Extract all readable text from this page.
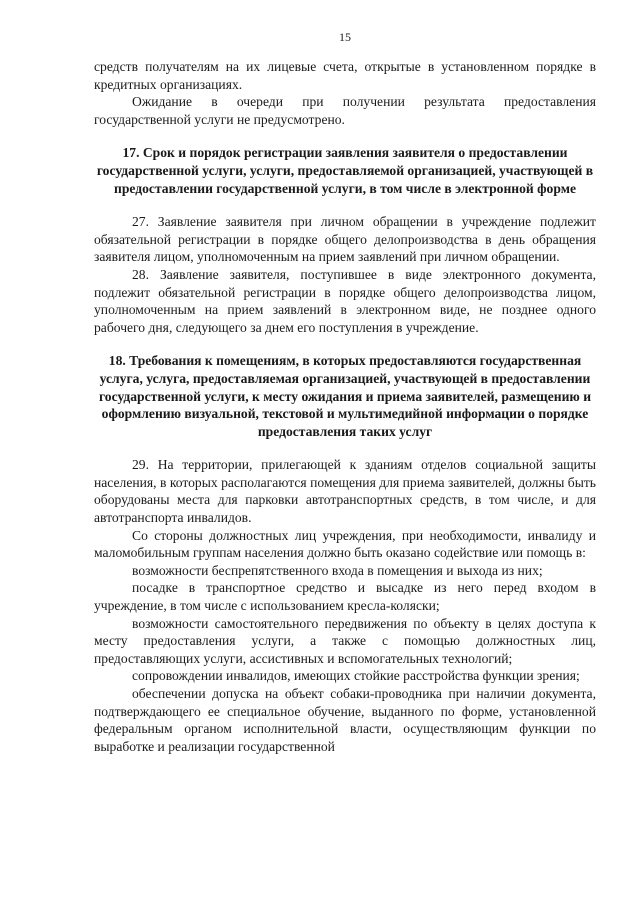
15

средств получателям на их лицевые счета, открытые в установленном порядке в кредитных организациях.

Ожидание в очереди при получении результата предоставления государственной услуги не предусмотрено.

17. Срок и порядок регистрации заявления заявителя о предоставлении государственной услуги, услуги, предоставляемой организацией, участвующей в предоставлении государственной услуги, в том числе в электронной форме

27. Заявление заявителя при личном обращении в учреждение подлежит обязательной регистрации в порядке общего делопроизводства в день обращения заявителя лицом, уполномоченным на прием заявлений при личном обращении.

28. Заявление заявителя, поступившее в виде электронного документа, подлежит обязательной регистрации в порядке общего делопроизводства лицом, уполномоченным на прием заявлений в электронном виде, не позднее одного рабочего дня, следующего за днем его поступления в учреждение.

18. Требования к помещениям, в которых предоставляются государственная услуга, услуга, предоставляемая организацией, участвующей в предоставлении государственной услуги, к месту ожидания и приема заявителей, размещению и оформлению визуальной, текстовой и мультимедийной информации о порядке предоставления таких услуг

29. На территории, прилегающей к зданиям отделов социальной защиты населения, в которых располагаются помещения для приема заявителей, должны быть оборудованы места для парковки автотранспортных средств, в том числе, и для автотранспорта инвалидов.

Со стороны должностных лиц учреждения, при необходимости, инвалиду и маломобильным группам населения должно быть оказано содействие или помощь в:

возможности беспрепятственного входа в помещения и выхода из них;

посадке в транспортное средство и высадке из него перед входом в учреждение, в том числе с использованием кресла-коляски;

возможности самостоятельного передвижения по объекту в целях доступа к месту предоставления услуги, а также с помощью должностных лиц, предоставляющих услуги, ассистивных и вспомогательных технологий;

сопровождении инвалидов, имеющих стойкие расстройства функции зрения;

обеспечении допуска на объект собаки-проводника при наличии документа, подтверждающего ее специальное обучение, выданного по форме, установленной федеральным органом исполнительной власти, осуществляющим функции по выработке и реализации государственной
